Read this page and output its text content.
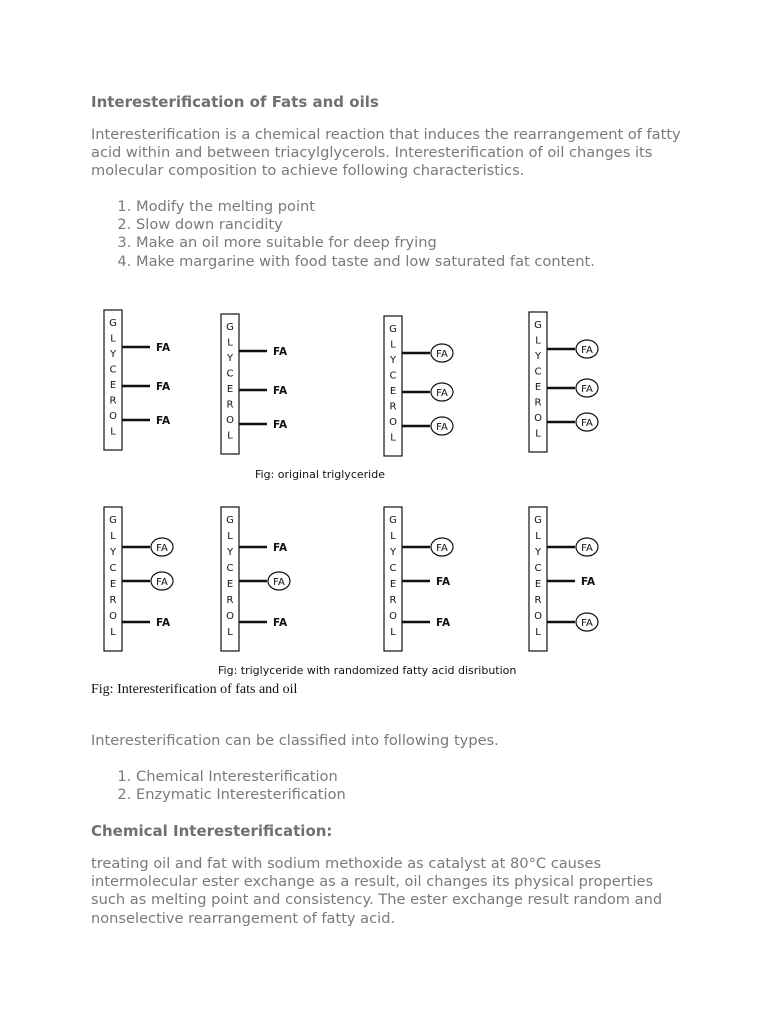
Interesterification of Fats and oils

Interesterification is a chemical reaction that induces the rearrangement of fatty acid within and between triacylglycerols. Interesterification of oil changes its molecular composition to achieve following characteristics.

1. Modify the melting point
2. Slow down rancidity
3. Make an oil more suitable for deep frying
4. Make margarine with food taste and low saturated fat content.
Fig: original triglyceride
Fig: triglyceride with randomized fatty acid disribution
G
L
Y
C
E
R
O
L
FA
FA
FA
G
L
Y
C
E
R
O
L
FA
FA
FA
G
L
Y
C
E
R
O
L
FA
FA
FA
G
L
Y
C
E
R
O
L
FA
FA
FA
G
L
Y
C
E
R
O
L
FA
FA
FA
G
L
Y
C
E
R
O
L
FA
FA
FA
G
L
Y
C
E
R
O
L
FA
FA
FA
G
L
Y
C
E
R
O
L
FA
FA
FA

Fig: Interesterification of fats and oil

Interesterification can be classified into following types.

1. Chemical Interesterification
2. Enzymatic Interesterification
Chemical Interesterification:

treating oil and fat with sodium methoxide as catalyst at 80°C causes intermolecular ester exchange as a result, oil changes its physical properties such as melting point and consistency. The ester exchange result random and nonselective rearrangement of fatty acid.
